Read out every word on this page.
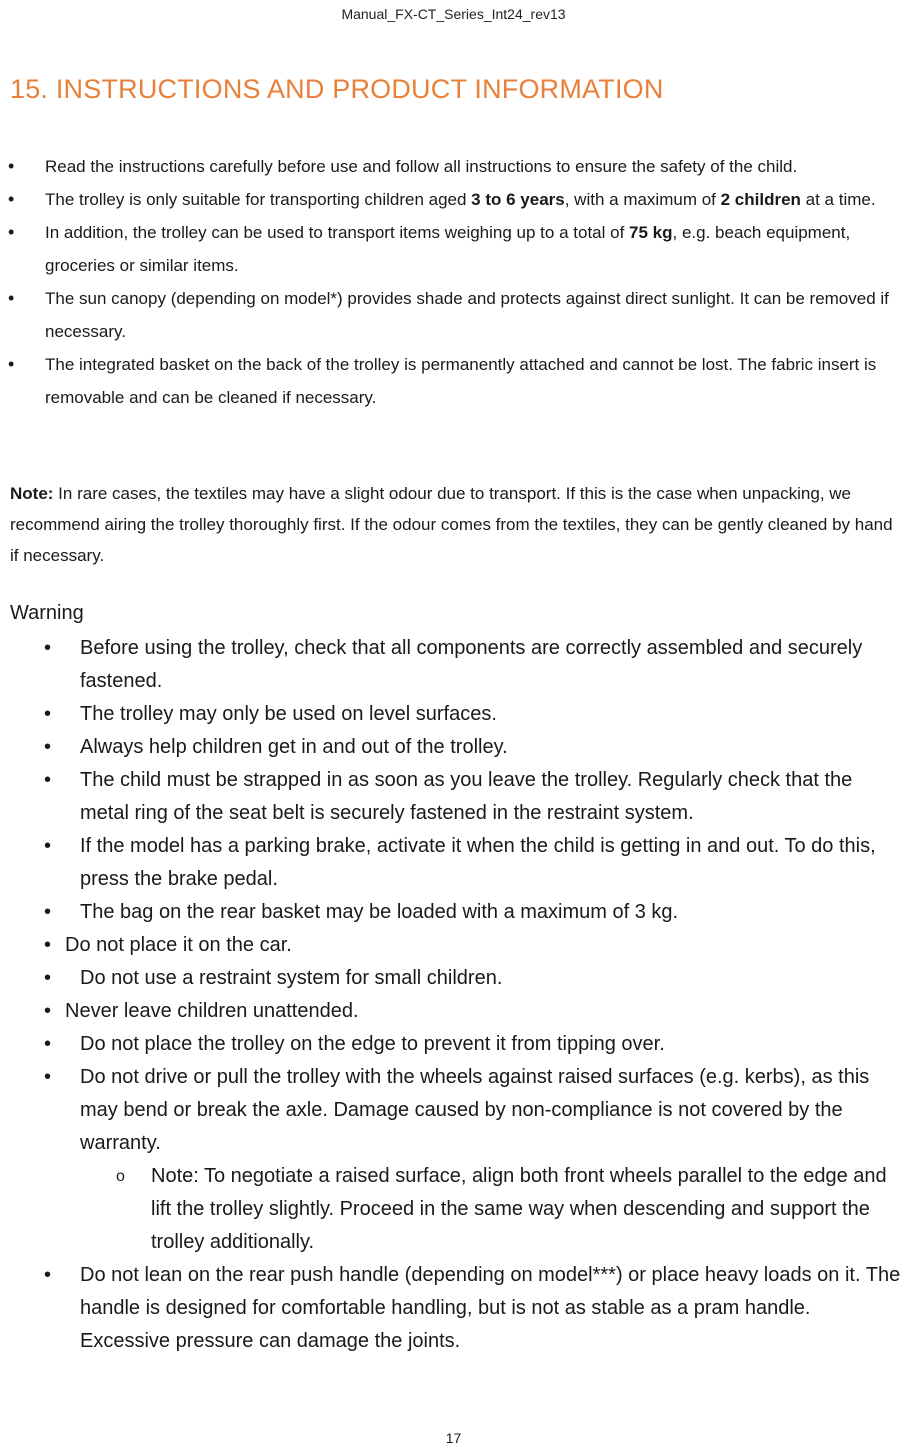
Manual_FX-CT_Series_Int24_rev13
15. INSTRUCTIONS AND PRODUCT INFORMATION
• Read the instructions carefully before use and follow all instructions to ensure the safety of the child.
• The trolley is only suitable for transporting children aged 3 to 6 years, with a maximum of 2 children at a time.
• In addition, the trolley can be used to transport items weighing up to a total of 75 kg, e.g. beach equipment, groceries or similar items.
• The sun canopy (depending on model*) provides shade and protects against direct sunlight. It can be removed if necessary.
• The integrated basket on the back of the trolley is permanently attached and cannot be lost. The fabric insert is removable and can be cleaned if necessary.

Note: In rare cases, the textiles may have a slight odour due to transport. If this is the case when unpacking, we recommend airing the trolley thoroughly first. If the odour comes from the textiles, they can be gently cleaned by hand if necessary.

Warning
• Before using the trolley, check that all components are correctly assembled and securely fastened.
• The trolley may only be used on level surfaces.
• Always help children get in and out of the trolley.
• The child must be strapped in as soon as you leave the trolley. Regularly check that the metal ring of the seat belt is securely fastened in the restraint system.
• If the model has a parking brake, activate it when the child is getting in and out. To do this, press the brake pedal.
• The bag on the rear basket may be loaded with a maximum of 3 kg.
• Do not place it on the car.
• Do not use a restraint system for small children.
• Never leave children unattended.
• Do not place the trolley on the edge to prevent it from tipping over.
• Do not drive or pull the trolley with the wheels against raised surfaces (e.g. kerbs), as this may bend or break the axle. Damage caused by non-compliance is not covered by the warranty.
o Note: To negotiate a raised surface, align both front wheels parallel to the edge and lift the trolley slightly. Proceed in the same way when descending and support the trolley additionally.
• Do not lean on the rear push handle (depending on model***) or place heavy loads on it. The handle is designed for comfortable handling, but is not as stable as a pram handle. Excessive pressure can damage the joints.
17
